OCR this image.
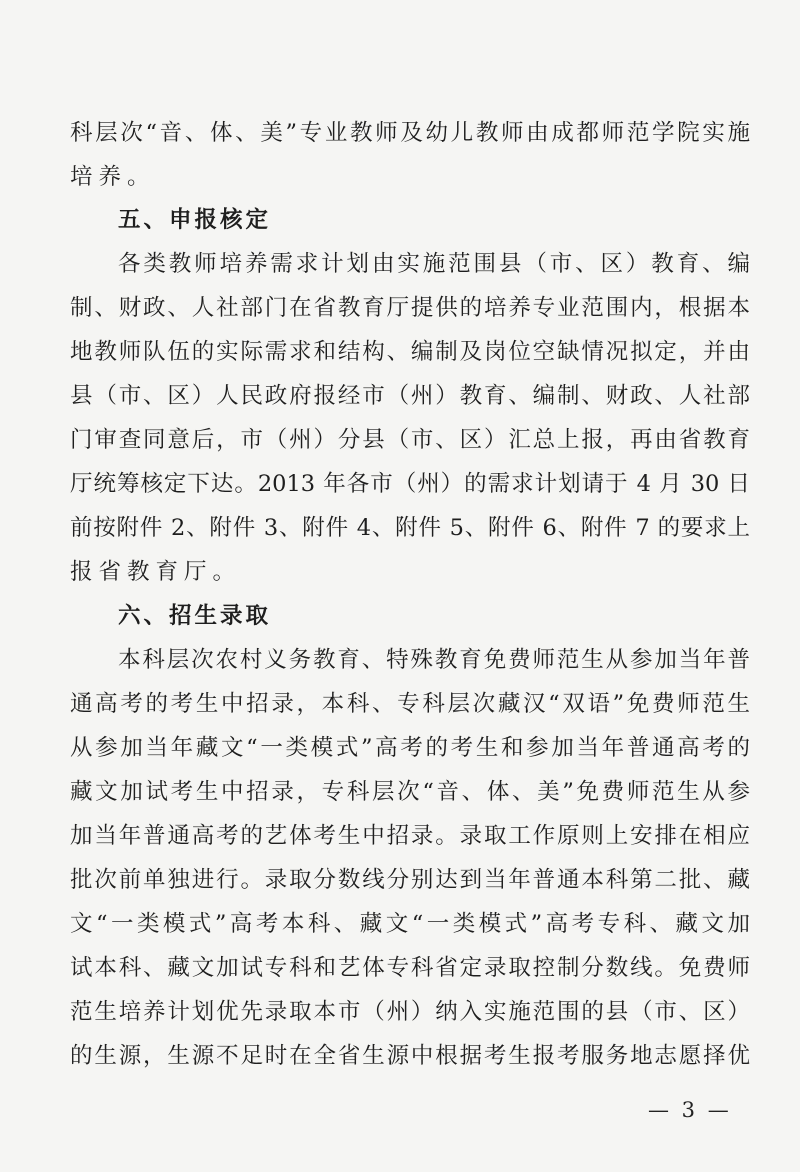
科层次“音、体、美”专业教师及幼儿教师由成都师范学院实施
培养。
五、申报核定
各类教师培养需求计划由实施范围县（市、区）教育、编
制、财政、人社部门在省教育厅提供的培养专业范围内，根据本
地教师队伍的实际需求和结构、编制及岗位空缺情况拟定，并由
县（市、区）人民政府报经市（州）教育、编制、财政、人社部
门审查同意后，市（州）分县（市、区）汇总上报，再由省教育
厅统筹核定下达。2013 年各市（州）的需求计划请于 4 月 30 日
前按附件 2、附件 3、附件 4、附件 5、附件 6、附件 7 的要求上
报省教育厅。
六、招生录取
本科层次农村义务教育、特殊教育免费师范生从参加当年普
通高考的考生中招录，本科、专科层次藏汉“双语”免费师范生
从参加当年藏文“一类模式”高考的考生和参加当年普通高考的
藏文加试考生中招录，专科层次“音、体、美”免费师范生从参
加当年普通高考的艺体考生中招录。录取工作原则上安排在相应
批次前单独进行。录取分数线分别达到当年普通本科第二批、藏
文“一类模式”高考本科、藏文“一类模式”高考专科、藏文加
试本科、藏文加试专科和艺体专科省定录取控制分数线。免费师
范生培养计划优先录取本市（州）纳入实施范围的县（市、区）
的生源，生源不足时在全省生源中根据考生报考服务地志愿择优
— 3 —
